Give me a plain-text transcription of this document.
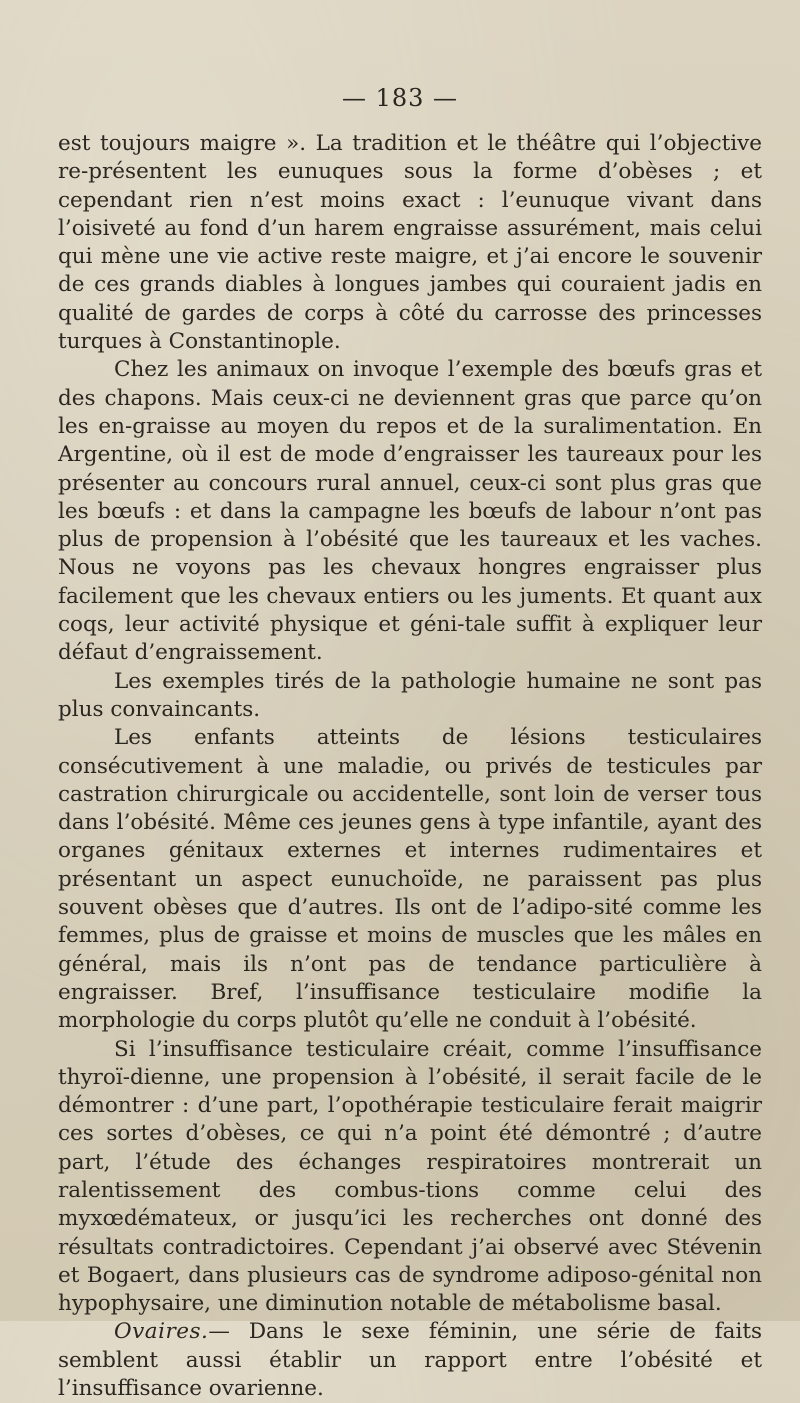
— 183 —

est toujours maigre ». La tradition et le théâtre qui l’objective re-présentent les eunuques sous la forme d’obèses ; et cependant rien n’est moins exact : l’eunuque vivant dans l’oisiveté au fond d’un harem engraisse assurément, mais celui qui mène une vie active reste maigre, et j’ai encore le souvenir de ces grands diables à longues jambes qui couraient jadis en qualité de gardes de corps à côté du carrosse des princesses turques à Constantinople.

Chez les animaux on invoque l’exemple des bœufs gras et des chapons. Mais ceux-ci ne deviennent gras que parce qu’on les en-graisse au moyen du repos et de la suralimentation. En Argentine, où il est de mode d’engraisser les taureaux pour les présenter au concours rural annuel, ceux-ci sont plus gras que les bœufs : et dans la campagne les bœufs de labour n’ont pas plus de propension à l’obésité que les taureaux et les vaches. Nous ne voyons pas les chevaux hongres engraisser plus facilement que les chevaux entiers ou les juments. Et quant aux coqs, leur activité physique et géni-tale suffit à expliquer leur défaut d’engraissement.

Les exemples tirés de la pathologie humaine ne sont pas plus convaincants.

Les enfants atteints de lésions testiculaires consécutivement à une maladie, ou privés de testicules par castration chirurgicale ou accidentelle, sont loin de verser tous dans l’obésité. Même ces jeunes gens à type infantile, ayant des organes génitaux externes et internes rudimentaires et présentant un aspect eunuchoïde, ne paraissent pas plus souvent obèses que d’autres. Ils ont de l’adipo-sité comme les femmes, plus de graisse et moins de muscles que les mâles en général, mais ils n’ont pas de tendance particulière à engraisser. Bref, l’insuffisance testiculaire modifie la morphologie du corps plutôt qu’elle ne conduit à l’obésité.

Si l’insuffisance testiculaire créait, comme l’insuffisance thyroï-dienne, une propension à l’obésité, il serait facile de le démontrer : d’une part, l’opothérapie testiculaire ferait maigrir ces sortes d’obèses, ce qui n’a point été démontré ; d’autre part, l’étude des échanges respiratoires montrerait un ralentissement des combus-tions comme celui des myxœdémateux, or jusqu’ici les recherches ont donné des résultats contradictoires. Cependant j’ai observé avec Stévenin et Bogaert, dans plusieurs cas de syndrome adiposo-génital non hypophysaire, une diminution notable de métabolisme basal.

Ovaires.— Dans le sexe féminin, une série de faits semblent aussi établir un rapport entre l’obésité et l’insuffisance ovarienne.
